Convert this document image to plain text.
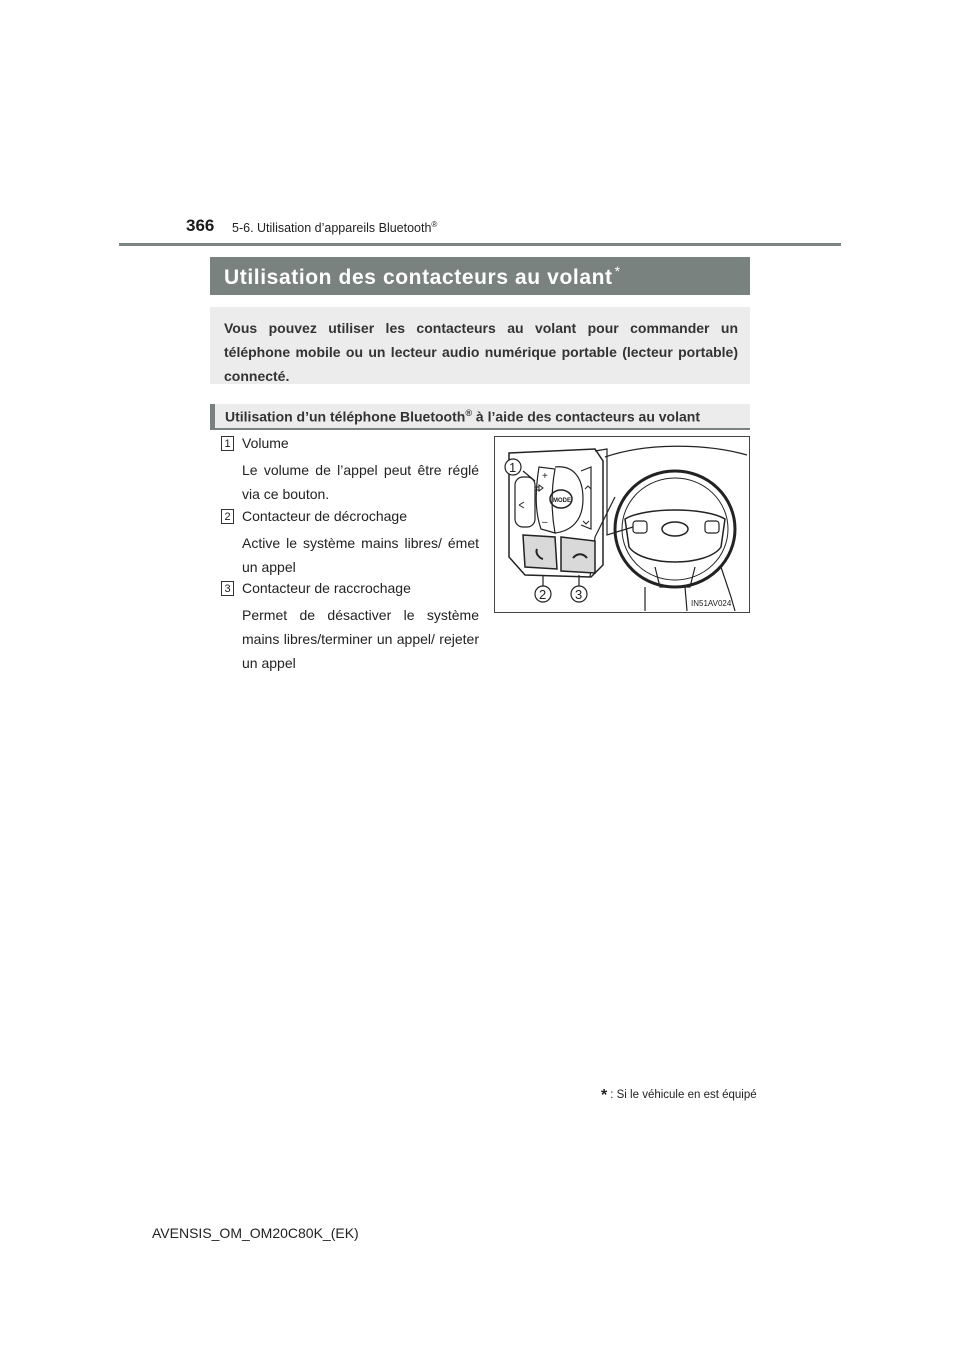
366 5-6. Utilisation d’appareils Bluetooth®
Utilisation des contacteurs au volant *
Vous pouvez utiliser les contacteurs au volant pour commander un téléphone mobile ou un lecteur audio numérique portable (lecteur portable) connecté.
Utilisation d’un téléphone Bluetooth® à l’aide des contacteurs au volant
1 Volume
Le volume de l’appel peut être réglé via ce bouton.
2 Contacteur de décrochage
Active le système mains libres/ émet un appel
3 Contacteur de raccrochage
Permet de désactiver le système mains libres/terminer un appel/ rejeter un appel
1
2 3
MODE
+
–
IN51AV024
* : Si le véhicule en est équipé
AVENSIS_OM_OM20C80K_(EK)
